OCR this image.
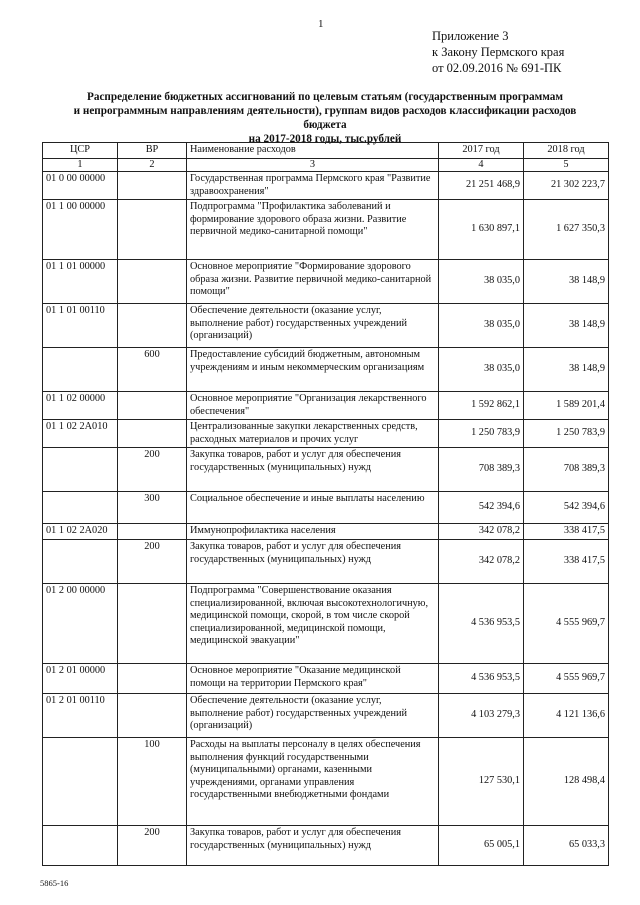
1
Приложение 3
к Закону Пермского края
от 02.09.2016 № 691-ПК
Распределение бюджетных ассигнований по целевым статьям (государственным программам
и непрограммным направлениям деятельности), группам видов расходов классификации расходов бюджета
на 2017-2018 годы, тыс.рублей
ЦСР	ВР	Наименование расходов	2017 год	2018 год
1	2	3	4	5
01 0 00 00000		Государственная программа Пермского края "Развитие здравоохранения"	21 251 468,9	21 302 223,7
01 1 00 00000		Подпрограмма "Профилактика заболеваний и формирование здорового образа жизни. Развитие первичной медико-санитарной помощи"	1 630 897,1	1 627 350,3
01 1 01 00000		Основное мероприятие "Формирование здорового образа жизни. Развитие первичной медико-санитарной помощи"	38 035,0	38 148,9
01 1 01 00110		Обеспечение деятельности (оказание услуг, выполнение работ) государственных учреждений (организаций)	38 035,0	38 148,9
	600	Предоставление субсидий бюджетным, автономным учреждениям и иным некоммерческим организациям	38 035,0	38 148,9
01 1 02 00000		Основное мероприятие "Организация лекарственного обеспечения"	1 592 862,1	1 589 201,4
01 1 02 2А010		Централизованные закупки лекарственных средств, расходных материалов и прочих услуг	1 250 783,9	1 250 783,9
	200	Закупка товаров, работ и услуг для обеспечения государственных (муниципальных) нужд	708 389,3	708 389,3
	300	Социальное обеспечение и иные выплаты населению	542 394,6	542 394,6
01 1 02 2А020		Иммунопрофилактика населения	342 078,2	338 417,5
	200	Закупка товаров, работ и услуг для обеспечения государственных (муниципальных) нужд	342 078,2	338 417,5
01 2 00 00000		Подпрограмма "Совершенствование оказания специализированной, включая высокотехнологичную, медицинской помощи, скорой, в том числе скорой специализированной, медицинской помощи, медицинской эвакуации"	4 536 953,5	4 555 969,7
01 2 01 00000		Основное мероприятие "Оказание медицинской помощи на территории Пермского края"	4 536 953,5	4 555 969,7
01 2 01 00110		Обеспечение деятельности (оказание услуг, выполнение работ) государственных учреждений (организаций)	4 103 279,3	4 121 136,6
	100	Расходы на выплаты персоналу в целях обеспечения выполнения функций государственными (муниципальными) органами, казенными учреждениями, органами управления государственными внебюджетными фондами	127 530,1	128 498,4
	200	Закупка товаров, работ и услуг для обеспечения государственных (муниципальных) нужд	65 005,1	65 033,3
5865-16
